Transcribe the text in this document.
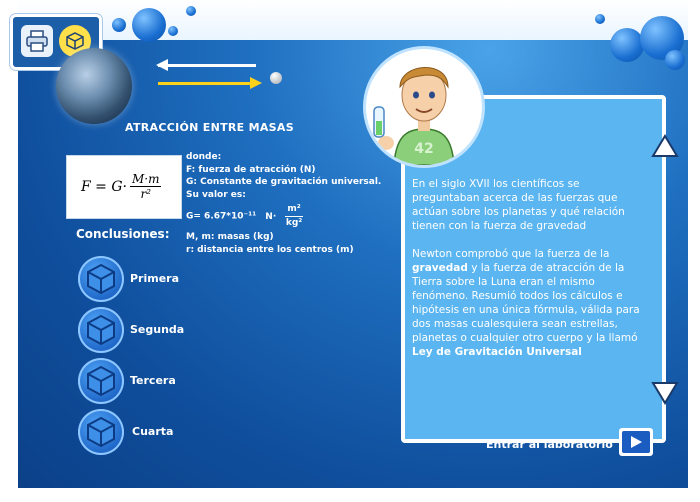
ATRACCIÓN ENTRE MASAS
$F = G\cdot \frac{M\cdot m}{\text{r²}}$
donde:
F: fuerza de atracción (N)
G: Constante de gravitación universal.
Su valor es:
G= 6.67*10⁻¹¹ $N\cdot \frac{\text{m²}}{\text{kg²}}$
M, m: masas (kg)
r: distancia entre los centros (m)
Conclusiones:
Primera
Segunda
Tercera
Cuarta

En el siglo XVII los científicos se preguntaban acerca de las fuerzas que actúan sobre los planetas y qué relación tienen con la fuerza de gravedad

Newton comprobó que la fuerza de la gravedad y la fuerza de atracción de la Tierra sobre la Luna eran el mismo fenómeno. Resumió todos los cálculos e hipótesis en una única fórmula, válida para dos masas cualesquiera sean estrellas, planetas o cualquier otro cuerpo y la llamó Ley de Gravitación Universal

42
Entrar al laboratorio
